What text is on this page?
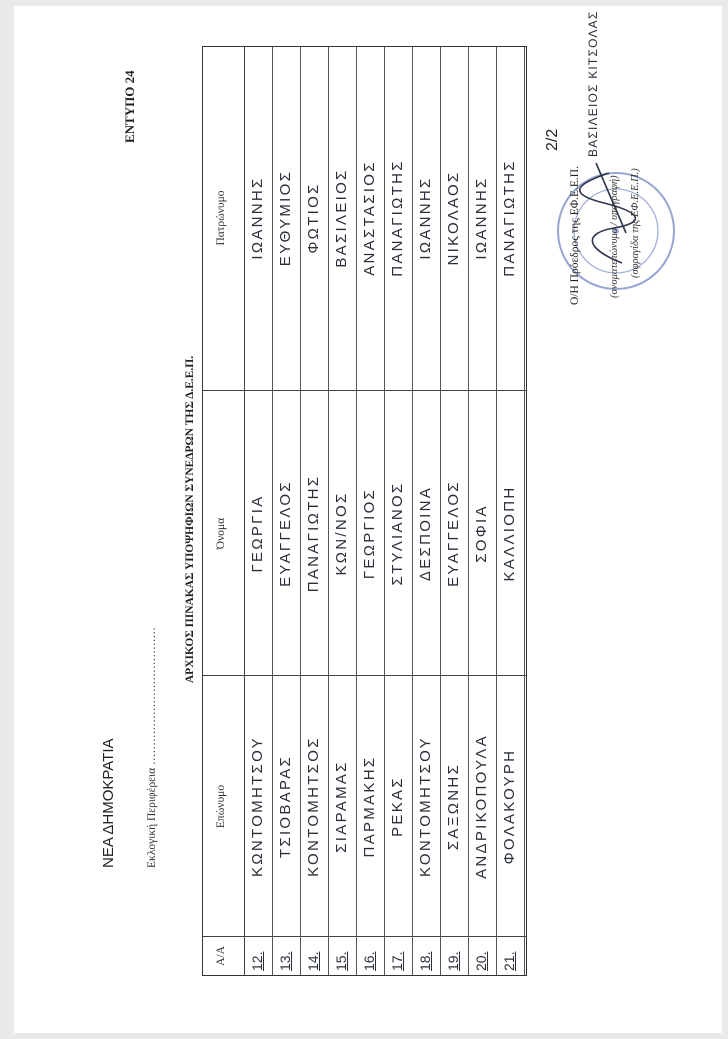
ΝΕΑ ΔΗΜΟΚΡΑΤΙΑ
ΕΝΤΥΠΟ 24
Εκλογική Περιφέρεια ………………………………
ΑΡΧΙΚΟΣ ΠΙΝΑΚΑΣ ΥΠΟΨΗΦΙΩΝ ΣΥΝΕΔΡΩΝ ΤΗΣ Δ.Ε.Ε.Π.
Α/Α
Επώνυμο
Όνομα
Πατρώνυμο
12.
ΚΩΝΤΟΜΗΤΣΟΥ
ΓΕΩΡΓΙΑ
ΙΩΑΝΝΗΣ
13.
ΤΣΙΟΒΑΡΑΣ
ΕΥΑΓΓΕΛΟΣ
ΕΥΘΥΜΙΟΣ
14.
ΚΟΝΤΟΜΗΤΣΟΣ
ΠΑΝΑΓΙΩΤΗΣ
ΦΩΤΙΟΣ
15.
ΣΙΑΡΑΜΑΣ
ΚΩΝ/ΝΟΣ
ΒΑΣΙΛΕΙΟΣ
16.
ΠΑΡΜΑΚΗΣ
ΓΕΩΡΓΙΟΣ
ΑΝΑΣΤΑΣΙΟΣ
17.
ΡΕΚΑΣ
ΣΤΥΛΙΑΝΟΣ
ΠΑΝΑΓΙΩΤΗΣ
18.
ΚΟΝΤΟΜΗΤΣΟΥ
ΔΕΣΠΟΙΝΑ
ΙΩΑΝΝΗΣ
19.
ΣΑΞΩΝΗΣ
ΕΥΑΓΓΕΛΟΣ
ΝΙΚΟΛΑΟΣ
20.
ΑΝΔΡΙΚΟΠΟΥΛΑ
ΣΟΦΙΑ
ΙΩΑΝΝΗΣ
21.
ΦΟΛΑΚΟΥΡΗ
ΚΑΛΛΙΟΠΗ
ΠΑΝΑΓΙΩΤΗΣ
2/2
Ο/Η Πρόεδρος της ΕΦ.Ε.Ε.Π.
ΒΑΣΙΛΕΙΟΣ ΚΙΤΣΟΛΑΣ
(ονοματεπώνυμο / υπογραφή) (σφραγίδα της ΕΦ.Ε.Ε.Π.)
